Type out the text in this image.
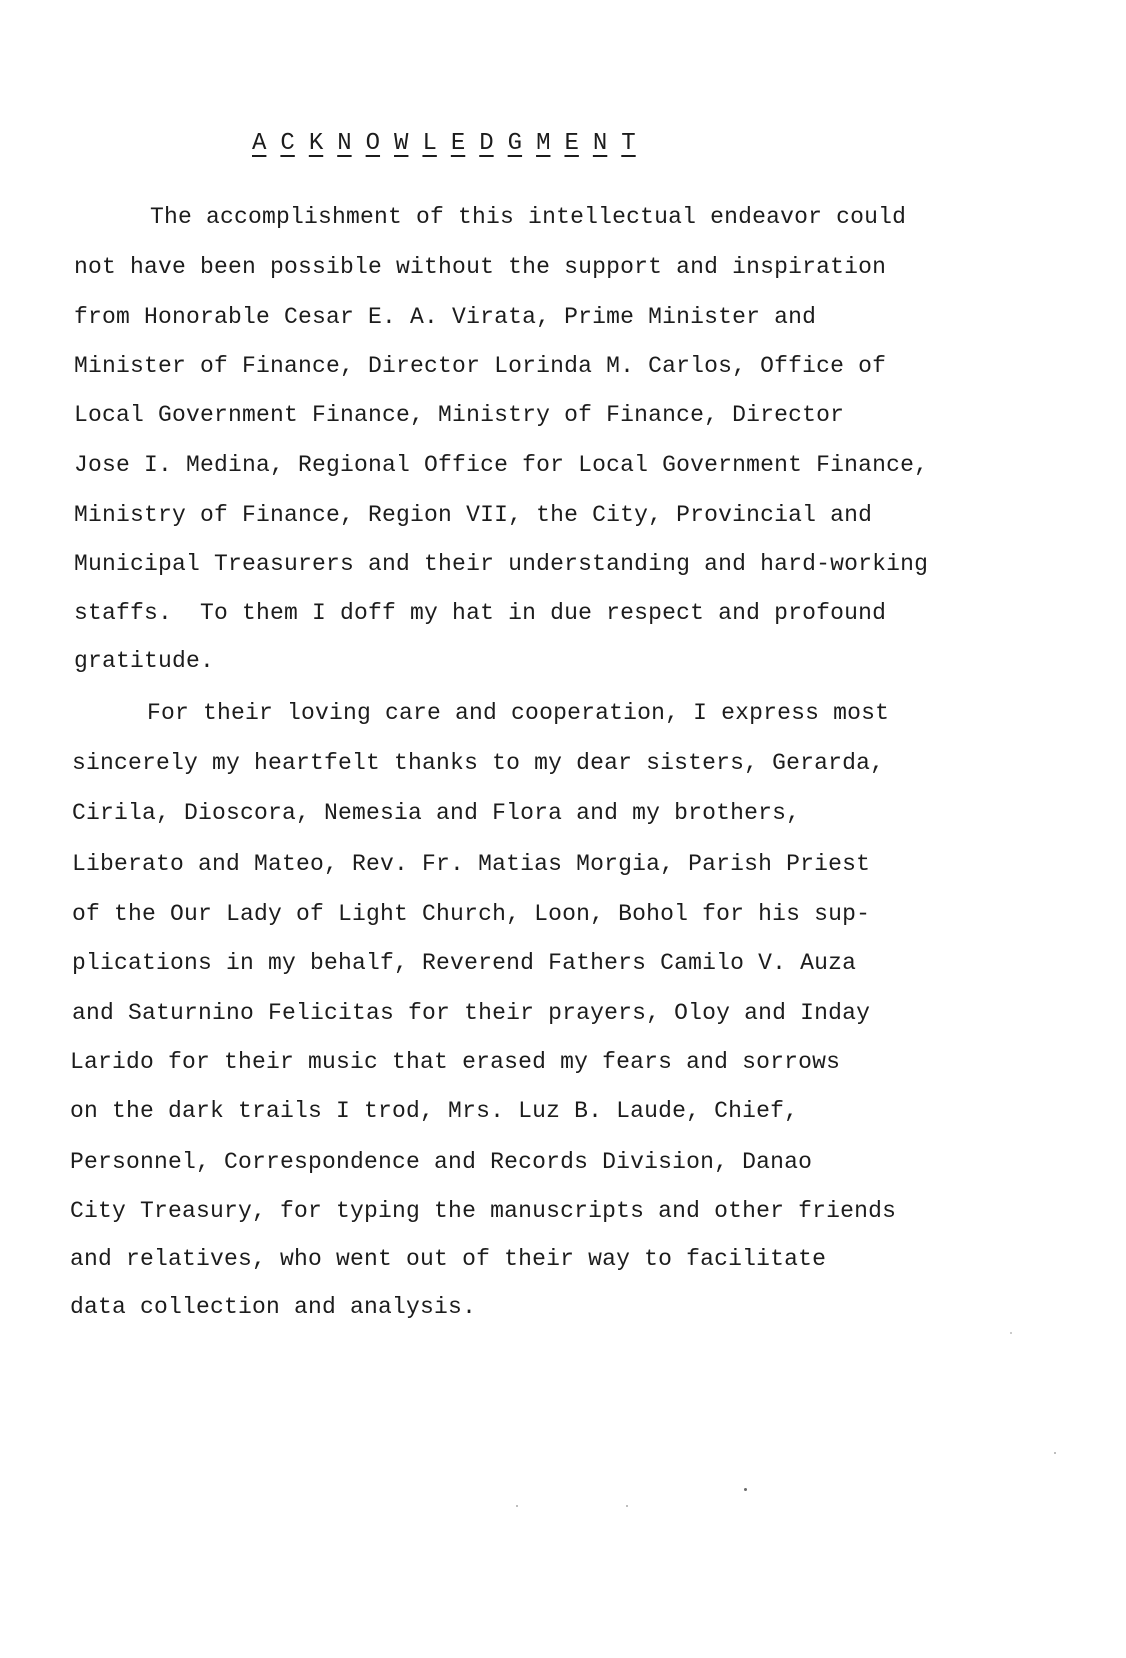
A C K N O W L E D G M E N T
The accomplishment of this intellectual endeavor could
not have been possible without the support and inspiration
from Honorable Cesar E. A. Virata, Prime Minister and
Minister of Finance, Director Lorinda M. Carlos, Office of
Local Government Finance, Ministry of Finance, Director
Jose I. Medina, Regional Office for Local Government Finance,
Ministry of Finance, Region VII, the City, Provincial and
Municipal Treasurers and their understanding and hard-working
staffs.  To them I doff my hat in due respect and profound
gratitude.
For their loving care and cooperation, I express most
sincerely my heartfelt thanks to my dear sisters, Gerarda,
Cirila, Dioscora, Nemesia and Flora and my brothers,
Liberato and Mateo, Rev. Fr. Matias Morgia, Parish Priest
of the Our Lady of Light Church, Loon, Bohol for his sup-
plications in my behalf, Reverend Fathers Camilo V. Auza
and Saturnino Felicitas for their prayers, Oloy and Inday
Larido for their music that erased my fears and sorrows
on the dark trails I trod, Mrs. Luz B. Laude, Chief,
Personnel, Correspondence and Records Division, Danao
City Treasury, for typing the manuscripts and other friends
and relatives, who went out of their way to facilitate
data collection and analysis.
